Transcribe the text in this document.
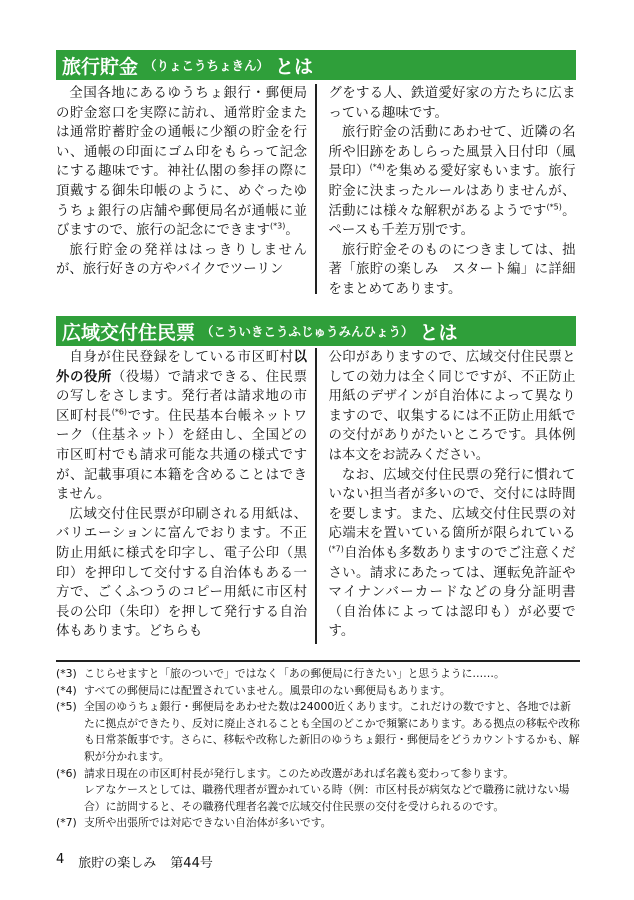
旅行貯金 （りょこうちょきん） とは

全国各地にあるゆうちょ銀行・郵便局の貯金窓口を実際に訪れ、通常貯金または通常貯蓄貯金の通帳に少額の貯金を行い、通帳の印面にゴム印をもらって記念にする趣味です。神社仏閣の参拝の際に頂戴する御朱印帳のように、めぐったゆうちょ銀行の店舗や郵便局名が通帳に並びますので、旅行の記念にできます$^{(*3)}$。

旅行貯金の発祥ははっきりしませんが、旅行好きの方やバイクでツーリン

グをする人、鉄道愛好家の方たちに広まっている趣味です。

旅行貯金の活動にあわせて、近隣の名所や旧跡をあしらった風景入日付印（風景印）$^{(*4)}$を集める愛好家もいます。旅行貯金に決まったルールはありませんが、活動には様々な解釈があるようです$^{(*5)}$。ペースも千差万別です。

旅行貯金そのものにつきましては、拙著「旅貯の楽しみ　スタート編」に詳細をまとめてあります。

広域交付住民票 （こういきこうふじゅうみんひょう） とは

自身が住民登録をしている市区町村以外の役所（役場）で請求できる、住民票の写しをさします。発行者は請求地の市区町村長$^{(*6)}$です。住民基本台帳ネットワーク（住基ネット）を経由し、全国どの市区町村でも請求可能な共通の様式ですが、記載事項に本籍を含めることはできません。

広域交付住民票が印刷される用紙は、バリエーションに富んでおります。不正防止用紙に様式を印字し、電子公印（黒印）を押印して交付する自治体もある一方で、ごくふつうのコピー用紙に市区村長の公印（朱印）を押して発行する自治体もあります。どちらも

公印がありますので、広域交付住民票としての効力は全く同じですが、不正防止用紙のデザインが自治体によって異なりますので、収集するには不正防止用紙での交付がありがたいところです。具体例は本文をお読みください。

なお、広域交付住民票の発行に慣れていない担当者が多いので、交付には時間を要します。また、広域交付住民票の対応端末を置いている箇所が限られている$^{(*7)}$自治体も多数ありますのでご注意ください。請求にあたっては、運転免許証やマイナンバーカードなどの身分証明書（自治体によっては認印も）が必要です。

(*3) こじらせますと「旅のついで」ではなく「あの郵便局に行きたい」と思うように……。
(*4) すべての郵便局には配置されていません。風景印のない郵便局もあります。
(*5) 全国のゆうちょ銀行・郵便局をあわせた数は24000近くあります。これだけの数ですと、各地では新たに拠点ができたり、反対に廃止されることも全国のどこかで頻繁にあります。ある拠点の移転や改称も日常茶飯事です。さらに、移転や改称した新旧のゆうちょ銀行・郵便局をどうカウントするかも、解釈が分かれます。
(*6) 請求日現在の市区町村長が発行します。このため改選があれば名義も変わって参ります。
レアなケースとしては、職務代理者が置かれている時（例：市区村長が病気などで職務に就けない場合）に訪問すると、その職務代理者名義で広域交付住民票の交付を受けられるのです。
(*7) 支所や出張所では対応できない自治体が多いです。
4 旅貯の楽しみ 第44号
